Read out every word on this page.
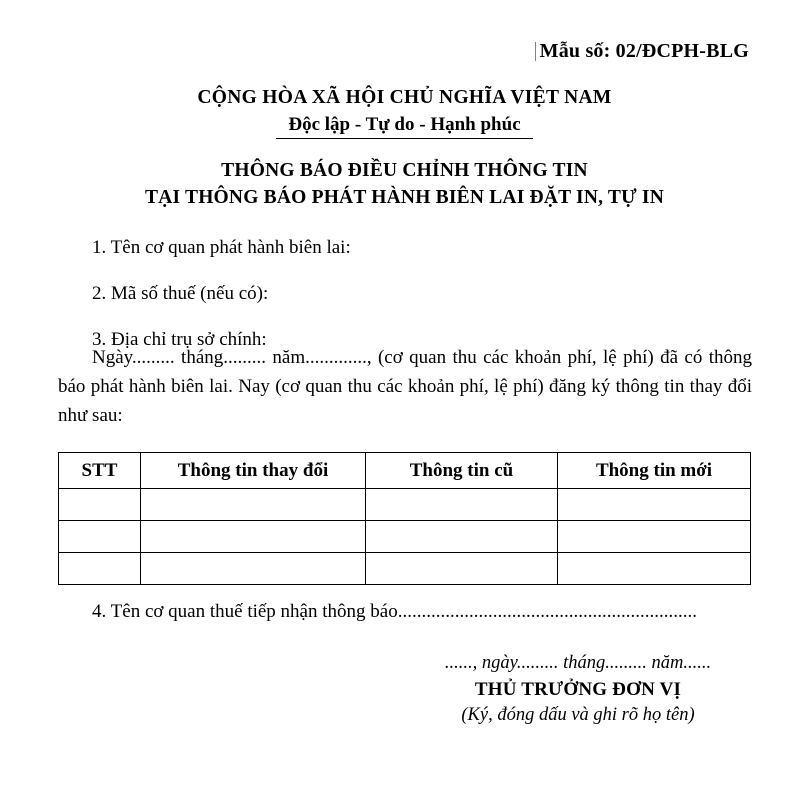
Mẫu số: 02/ĐCPH-BLG
CỘNG HÒA XÃ HỘI CHỦ NGHĨA VIỆT NAM
Độc lập - Tự do - Hạnh phúc
THÔNG BÁO ĐIỀU CHỈNH THÔNG TIN
TẠI THÔNG BÁO PHÁT HÀNH BIÊN LAI ĐẶT IN, TỰ IN
1. Tên cơ quan phát hành biên lai:
2. Mã số thuế (nếu có):
3. Địa chỉ trụ sở chính:
Ngày......... tháng......... năm............., (cơ quan thu các khoản phí, lệ phí) đã có thông báo phát hành biên lai. Nay (cơ quan thu các khoản phí, lệ phí) đăng ký thông tin thay đổi như sau:
STT	Thông tin thay đổi	Thông tin cũ	Thông tin mới

4. Tên cơ quan thuế tiếp nhận thông báo...............................................................
......, ngày......... tháng......... năm......
THỦ TRƯỞNG ĐƠN VỊ
(Ký, đóng dấu và ghi rõ họ tên)
